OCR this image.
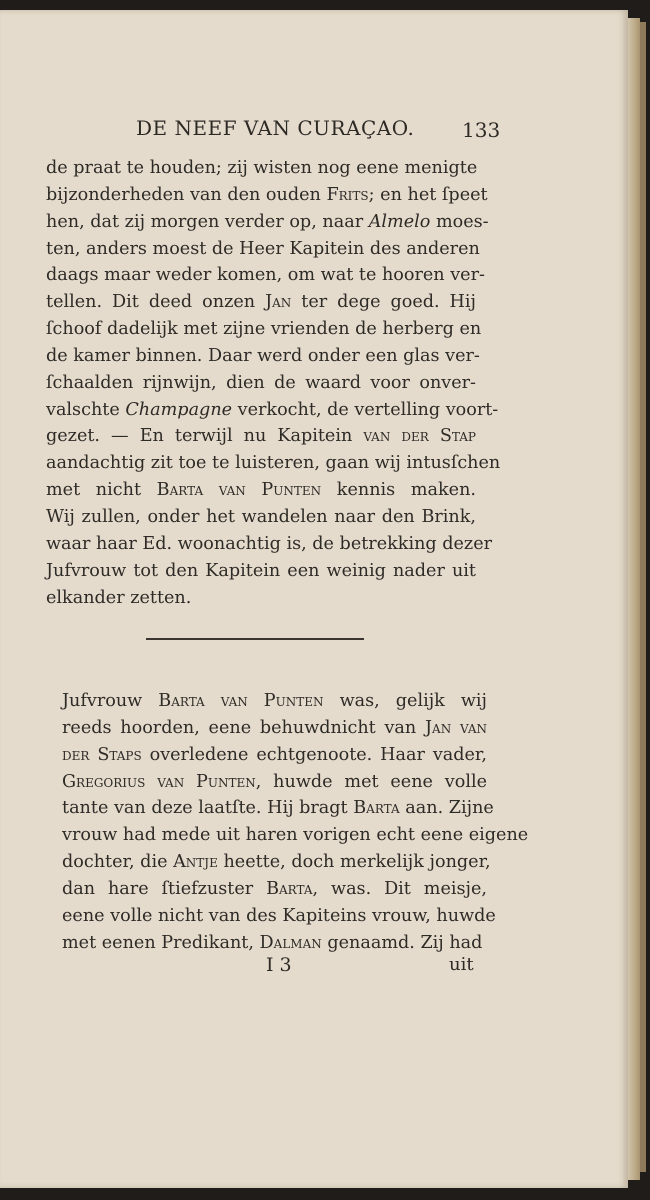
DE NEEF VAN CURAÇAO. 133
de praat te houden; zij wisten nog eene menigte
bijzonderheden van den ouden Frits; en het ſpeet
hen, dat zij morgen verder op, naar Almelo moes-
ten, anders moest de Heer Kapitein des anderen
daags maar weder komen, om wat te hooren ver-
tellen. Dit deed onzen Jan ter dege goed. Hij
ſchoof dadelijk met zijne vrienden de herberg en
de kamer binnen. Daar werd onder een glas ver-
ſchaalden rijnwijn, dien de waard voor onver-
valschte Champagne verkocht, de vertelling voort-
gezet. — En terwijl nu Kapitein van der Stap
aandachtig zit toe te luisteren, gaan wij intusſchen
met nicht Barta van Punten kennis maken.
Wij zullen, onder het wandelen naar den Brink,
waar haar Ed. woonachtig is, de betrekking dezer
Jufvrouw tot den Kapitein een weinig nader uit
elkander zetten.
Jufvrouw Barta van Punten was, gelijk wij
reeds hoorden, eene behuwdnicht van Jan van
der Staps overledene echtgenoote. Haar vader,
Gregorius van Punten, huwde met eene volle
tante van deze laatſte. Hij bragt Barta aan. Zijne
vrouw had mede uit haren vorigen echt eene eigene
dochter, die Antje heette, doch merkelijk jonger,
dan hare ſtiefzuster Barta, was. Dit meisje,
eene volle nicht van des Kapiteins vrouw, huwde
met eenen Predikant, Dalman genaamd. Zij had
I 3	uit
